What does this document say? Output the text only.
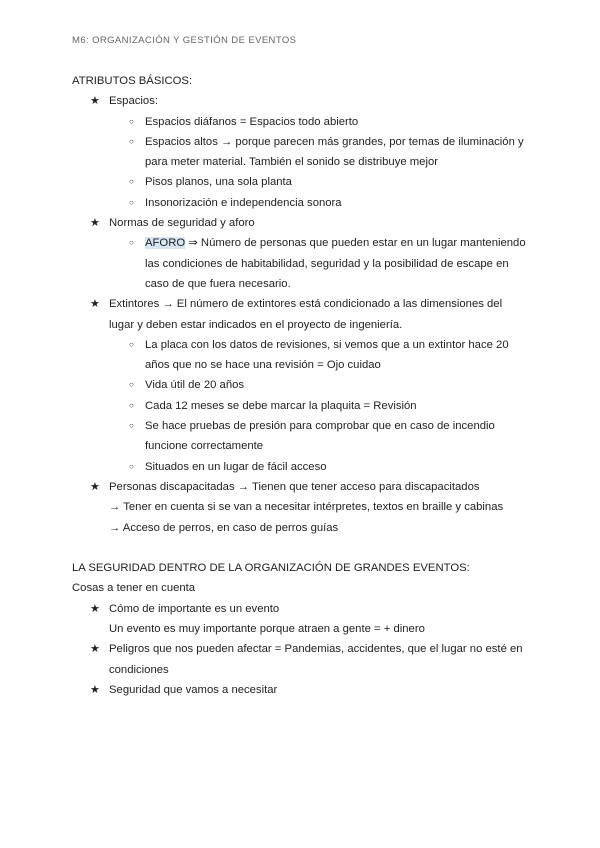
M6: ORGANIZACIÓN Y GESTIÓN DE EVENTOS
ATRIBUTOS BÁSICOS:
★ Espacios:
○ Espacios diáfanos = Espacios todo abierto
○ Espacios altos → porque parecen más grandes, por temas de iluminación y para meter material. También el sonido se distribuye mejor
○ Pisos planos, una sola planta
○ Insonorización e independencia sonora
★ Normas de seguridad y aforo
○ AFORO ⇒ Número de personas que pueden estar en un lugar manteniendo las condiciones de habitabilidad, seguridad y la posibilidad de escape en caso de que fuera necesario.
★ Extintores → El número de extintores está condicionado a las dimensiones del lugar y deben estar indicados en el proyecto de ingeniería.
○ La placa con los datos de revisiones, si vemos que a un extintor hace 20 años que no se hace una revisión = Ojo cuidao
○ Vida útil de 20 años
○ Cada 12 meses se debe marcar la plaquita = Revisión
○ Se hace pruebas de presión para comprobar que en caso de incendio funcione correctamente
○ Situados en un lugar de fácil acceso
★ Personas discapacitadas → Tienen que tener acceso para discapacitados
→ Tener en cuenta si se van a necesitar intérpretes, textos en braille y cabinas
→ Acceso de perros, en caso de perros guías
LA SEGURIDAD DENTRO DE LA ORGANIZACIÓN DE GRANDES EVENTOS:
Cosas a tener en cuenta
★ Cómo de importante es un evento
Un evento es muy importante porque atraen a gente = + dinero
★ Peligros que nos pueden afectar = Pandemias, accidentes, que el lugar no esté en condiciones
★ Seguridad que vamos a necesitar
